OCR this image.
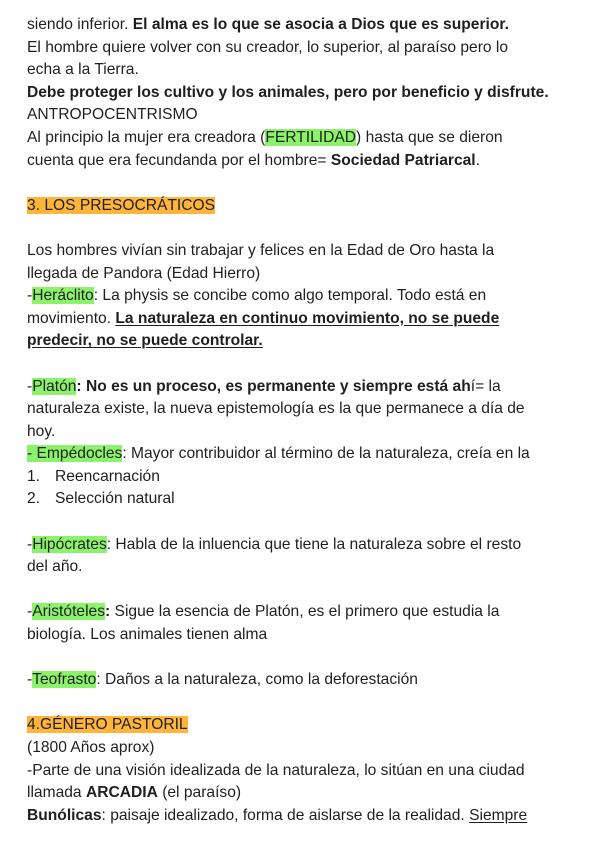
siendo inferior. El alma es lo que se asocia a Dios que es superior.
El hombre quiere volver con su creador, lo superior, al paraíso pero lo
echa a la Tierra.
Debe proteger los cultivo y los animales, pero por beneficio y disfrute.
ANTROPOCENTRISMO
Al principio la mujer era creadora (FERTILIDAD) hasta que se dieron
cuenta que era fecundanda por el hombre= Sociedad Patriarcal.
3. LOS PRESOCRÁTICOS
Los hombres vivían sin trabajar y felices en la Edad de Oro hasta la
llegada de Pandora (Edad Hierro)
-Heráclito: La physis se concibe como algo temporal. Todo está en
movimiento. La naturaleza en continuo movimiento, no se puede
predecir, no se puede controlar.
-Platón: No es un proceso, es permanente y siempre está ahí= la
naturaleza existe, la nueva epistemología es la que permanece a día de
hoy.
- Empédocles: Mayor contribuidor al término de la naturaleza, creía en la
1. Reencarnación
2. Selección natural
-Hipócrates: Habla de la inluencia que tiene la naturaleza sobre el resto
del año.
-Aristóteles: Sigue la esencia de Platón, es el primero que estudia la
biología. Los animales tienen alma
-Teofrasto: Daños a la naturaleza, como la deforestación
4.GÉNERO PASTORIL
(1800 Años aprox)
-Parte de una visión idealizada de la naturaleza, lo sitúan en una ciudad
llamada ARCADIA (el paraíso)
Bunólicas: paisaje idealizado, forma de aislarse de la realidad. Siempre
